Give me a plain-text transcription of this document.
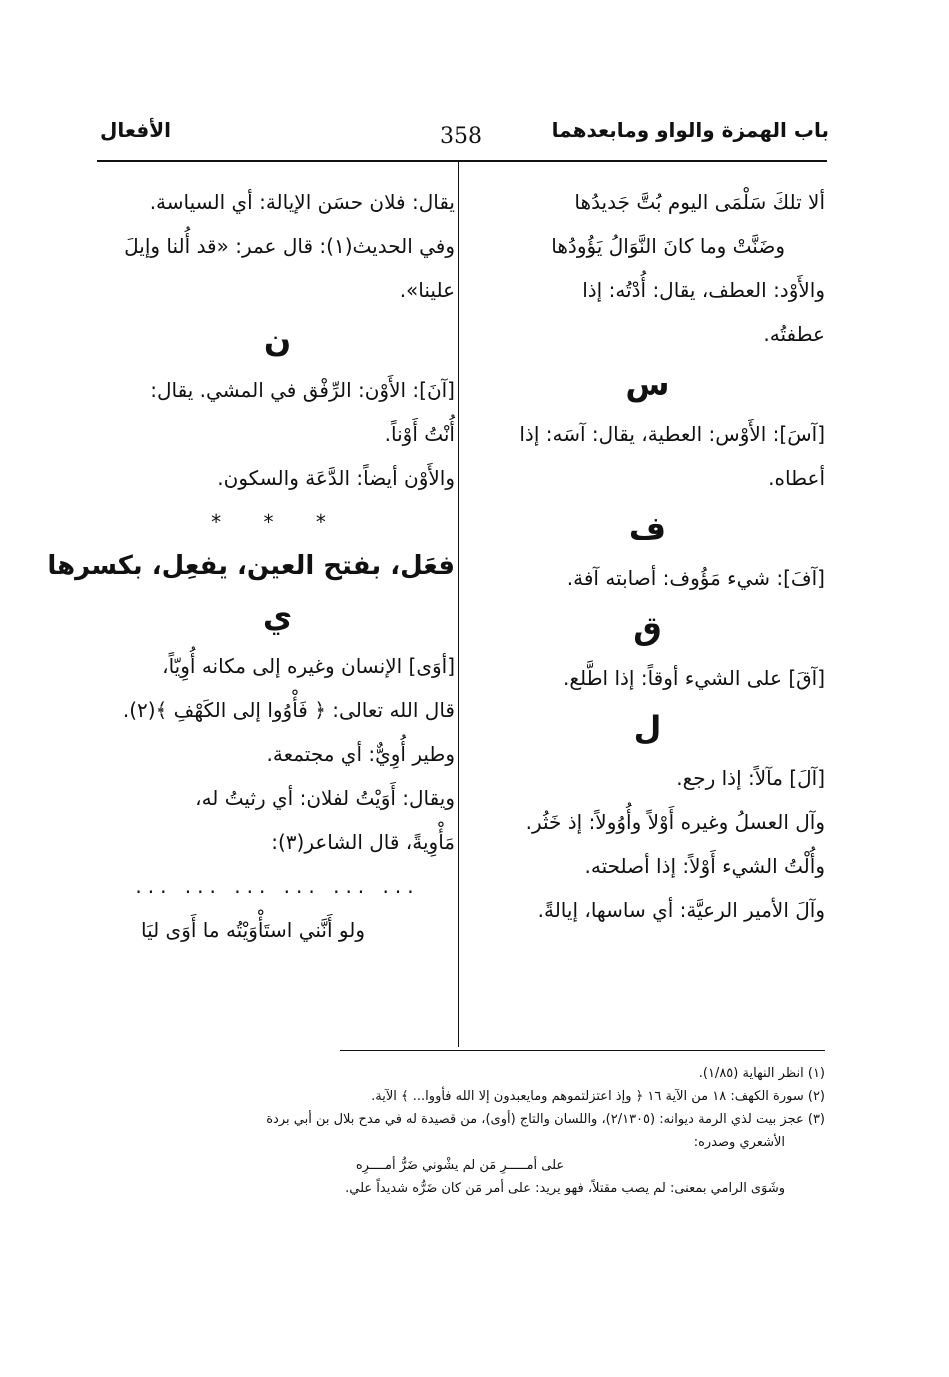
باب الهمزة والواو ومابعدهما
358
الأفعال
ألا تلكَ سَلْمَى اليوم بُتَّ جَديدُها
وضَنَّتْ وما كانَ النَّوَالُ يَؤُودُها
والأَوْد: العطف، يقال: أُدْتُه: إذا
عطفتُه.
س
[آسَ]: الأَوْس: العطية، يقال: آسَه: إذا
أعطاه.
ف
[آفَ]: شيء مَؤُوف: أصابته آفة.
ق
[آقَ] على الشيء أوقاً: إذا اطَّلع.
ل
[آلَ] مآلاً: إذا رجع.
وآل العسلُ وغيره أَوْلاً وأُوُولاً: إذ خَثُر.
وأُلْتُ الشيء أَوْلاً: إذا أصلحته.
وآلَ الأمير الرعيَّة: أي ساسها، إيالةً.
يقال: فلان حسَن الإيالة: أي السياسة.
وفي الحديث(١): قال عمر: «قد أُلنا وإيلَ
علينا».
ن
[آنَ]: الأَوْن: الرِّفْق في المشي. يقال:
أُنْتُ أَوْناً.
والأَوْن أيضاً: الدَّعَة والسكون.
* * *
فعَل، بفتح العين، يفعِل، بكسرها
ي
[أوَى] الإنسان وغيره إلى مكانه أُوِيّاً،
قال الله تعالى: ﴿ فَأْوُوا إلى الكَهْفِ ﴾(٢).
وطير أُوِيٌّ: أي مجتمعة.
ويقال: أَوَيْتُ لفلان: أي رثيتُ له،
مَأْوِيةً، قال الشاعر(٣):
... ... ... ... ... ...
ولو أَنَّني استَأْوَيْتُه ما أَوَى ليَا
(١) انظر النهاية (١/٨٥).
(٢) سورة الكهف: ١٨ من الآية ١٦ ﴿ وإذ اعتزلتموهم ومايعبدون إلا الله فأووا... ﴾ الآية.
(٣) عجز بيت لذي الرمة ديوانه: (٢/١٣٠٥)، واللسان والتاج (أوى)، من قصيدة له في مدح بلال بن أبي بردة
الأشعري وصدره:
على أمـــــرِ مَن لم يشْوني ضَرُّ أمــــرِه
وشَوَى الرامي بمعنى: لم يصب مقتلاً، فهو يريد: على أمر مَن كان ضَرُّه شديداً علي.
